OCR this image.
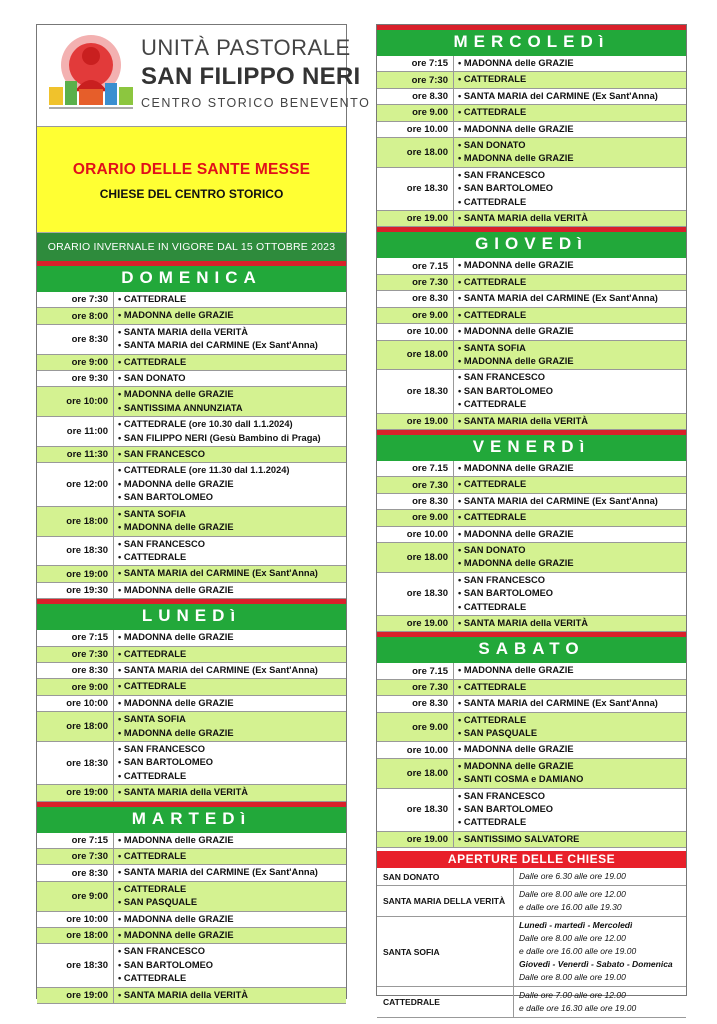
UNITÀ PASTORALE
SAN FILIPPO NERI
CENTRO STORICO BENEVENTO
ORARIO DELLE SANTE MESSE
CHIESE DEL CENTRO STORICO
ORARIO INVERNALE IN VIGORE DAL 15 OTTOBRE 2023
DOMENICA
ore 7:30	• CATTEDRALE
ore 8:00	• MADONNA delle GRAZIE
ore 8:30
• SANTA MARIA della VERITÀ
• SANTA MARIA del CARMINE (Ex Sant'Anna)
ore 9:00	• CATTEDRALE
ore 9:30	• SAN DONATO
ore 10:00
• MADONNA delle GRAZIE
• SANTISSIMA ANNUNZIATA
ore 11:00
• CATTEDRALE (ore 10.30 dall 1.1.2024)
• SAN FILIPPO NERI (Gesù Bambino di Praga)
ore 11:30	• SAN FRANCESCO
ore 12:00
• CATTEDRALE (ore 11.30 dal 1.1.2024)
• MADONNA delle GRAZIE
• SAN BARTOLOMEO
ore 18:00
• SANTA SOFIA
• MADONNA delle GRAZIE
ore 18:30
• SAN FRANCESCO
• CATTEDRALE
ore 19:00	• SANTA MARIA del CARMINE (Ex Sant'Anna)
ore 19:30	• MADONNA delle GRAZIE
LUNEDì
ore 7:15	• MADONNA delle GRAZIE
ore 7:30	• CATTEDRALE
ore 8:30	• SANTA MARIA del CARMINE (Ex Sant'Anna)
ore 9:00	• CATTEDRALE
ore 10:00	• MADONNA delle GRAZIE
ore 18:00
• SANTA SOFIA
• MADONNA delle GRAZIE
ore 18:30
• SAN FRANCESCO
• SAN BARTOLOMEO
• CATTEDRALE
ore 19:00	• SANTA MARIA della VERITÀ
MARTEDì
ore 7:15	• MADONNA delle GRAZIE
ore 7:30	• CATTEDRALE
ore 8:30	• SANTA MARIA del CARMINE (Ex Sant'Anna)
ore 9:00
• CATTEDRALE
• SAN PASQUALE
ore 10:00	• MADONNA delle GRAZIE
ore 18:00	• MADONNA delle GRAZIE
ore 18:30
• SAN FRANCESCO
• SAN BARTOLOMEO
• CATTEDRALE
ore 19:00	• SANTA MARIA della VERITÀ
MERCOLEDì
ore 7:15	• MADONNA delle GRAZIE
ore 7:30	• CATTEDRALE
ore 8.30	• SANTA MARIA del CARMINE (Ex Sant'Anna)
ore 9.00	• CATTEDRALE
ore 10.00	• MADONNA delle GRAZIE
ore 18.00
• SAN DONATO
• MADONNA delle GRAZIE
ore 18.30
• SAN FRANCESCO
• SAN BARTOLOMEO
• CATTEDRALE
ore 19.00	• SANTA MARIA della VERITÀ
GIOVEDì
ore 7.15	• MADONNA delle GRAZIE
ore 7.30	• CATTEDRALE
ore 8.30	• SANTA MARIA del CARMINE (Ex Sant'Anna)
ore 9.00	• CATTEDRALE
ore 10.00	• MADONNA delle GRAZIE
ore 18.00
• SANTA SOFIA
• MADONNA delle GRAZIE
ore 18.30
• SAN FRANCESCO
• SAN BARTOLOMEO
• CATTEDRALE
ore 19.00	• SANTA MARIA della VERITÀ
VENERDì
ore 7.15	• MADONNA delle GRAZIE
ore 7.30	• CATTEDRALE
ore 8.30	• SANTA MARIA del CARMINE (Ex Sant'Anna)
ore 9.00	• CATTEDRALE
ore 10.00	• MADONNA delle GRAZIE
ore 18.00
• SAN DONATO
• MADONNA delle GRAZIE
ore 18.30
• SAN FRANCESCO
• SAN BARTOLOMEO
• CATTEDRALE
ore 19.00	• SANTA MARIA della VERITÀ
SABATO
ore 7.15	• MADONNA delle GRAZIE
ore 7.30	• CATTEDRALE
ore 8.30	• SANTA MARIA del CARMINE (Ex Sant'Anna)
ore 9.00
• CATTEDRALE
• SAN PASQUALE
ore 10.00	• MADONNA delle GRAZIE
ore 18.00
• MADONNA delle GRAZIE
• SANTI COSMA e DAMIANO
ore 18.30
• SAN FRANCESCO
• SAN BARTOLOMEO
• CATTEDRALE
ore 19.00	• SANTISSIMO SALVATORE
APERTURE DELLE CHIESE
SAN DONATO	Dalle ore 6.30 alle ore 19.00
SANTA MARIA DELLA VERITÀ
Dalle ore 8.00 alle ore 12.00
e dalle ore 16.00 alle 19.30
SANTA SOFIA
Lunedì - martedì - Mercoledì
Dalle ore 8.00 alle ore 12.00
e dalle ore 16.00 alle ore 19.00
Giovedì - Venerdì - Sabato - Domenica
Dalle ore 8.00 alle ore 19.00
CATTEDRALE
Dalle ore 7.00 alle ore 12.00
e dalle ore 16.30 alle ore 19.00
